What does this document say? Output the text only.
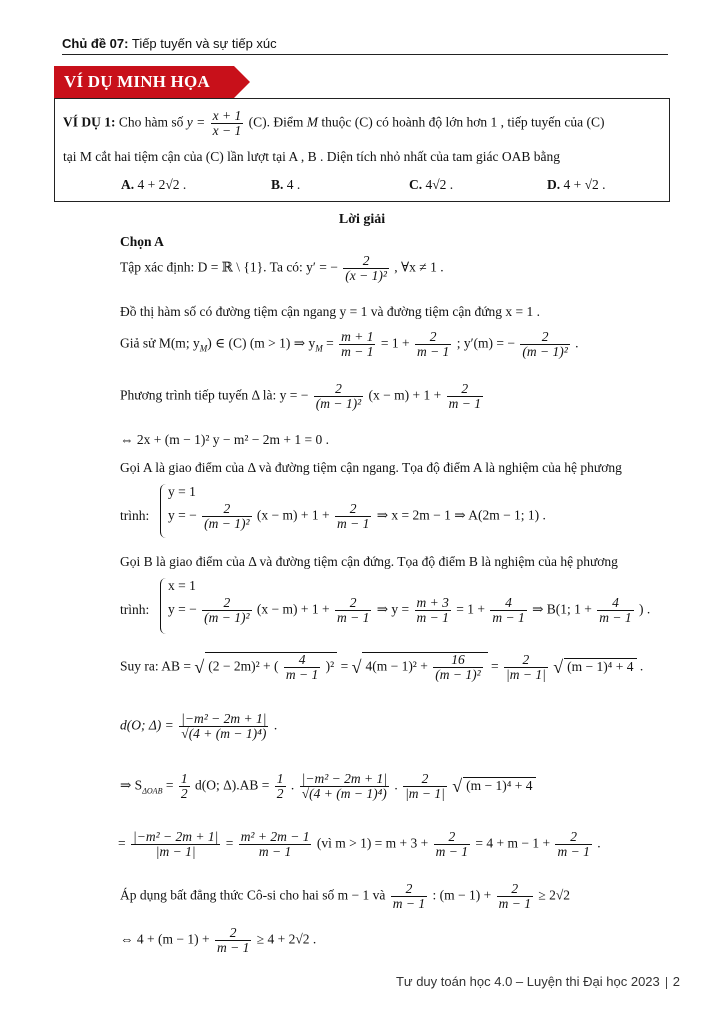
Chủ đề 07: Tiếp tuyến và sự tiếp xúc
VÍ DỤ MINH HỌA
VÍ DỤ 1: Cho hàm số $y = \frac{x + 1}{x - 1} (C)$. Điểm M thuộc (C) có hoành độ lớn hơn 1 , tiếp tuyến của (C)
tại M cắt hai tiệm cận của (C) lần lượt tại A , B . Diện tích nhỏ nhất của tam giác OAB bằng
A. 4 + 2√2 .	B. 4 .	C. 4√2 .	D. 4 + √2 .
Lời giải
Chọn A
Tập xác định: D = ℝ \ {1}. Ta có: y′ = − $\frac{2}{\text{(x − 1)²}}$ , ∀x ≠ 1 .
Đồ thị hàm số có đường tiệm cận ngang y = 1 và đường tiệm cận đứng x = 1 .
Giả sử M(m; $y_M$) ∈ (C) (m > 1) ⇒ $y_M = \frac{m + 1}{m - 1} = 1 + \frac{2}{m - 1}$ ; y′(m) = − $\frac{2}{\text{(m − 1)²}}$ .
Phương trình tiếp tuyến Δ là: y = − $\frac{2}{\text{(m − 1)²}} (x - m) + 1 + \frac{2}{m - 1}$
⇔ 2x + (m − 1)² y − m² − 2m + 1 = 0 .
Gọi A là giao điểm của Δ và đường tiệm cận ngang. Tọa độ điểm A là nghiệm của hệ phương
trình:
y = 1
y = − $\frac{2}{\text{(m − 1)²}} (x - m) + 1 + \frac{2}{m - 1}$ ⇒ x = 2m − 1 ⇒ A(2m − 1; 1) .
Gọi B là giao điểm của Δ và đường tiệm cận đứng. Tọa độ điểm B là nghiệm của hệ phương
trình:
x = 1
y = − $\frac{2}{\text{(m − 1)²}} (x - m) + 1 + \frac{2}{m - 1}$ ⇒ $y = \frac{m + 3}{m - 1} = 1 + \frac{4}{m - 1}$ ⇒ B(1; $1 + \frac{4}{m - 1}$ ) .
Suy ra: AB = √ (2 − 2m)² + ( $\frac{4}{m - 1} )^2$ = √ $4(m - 1)^2 + \frac{16}{\text{(m − 1)²}} = \frac{2}{|m - 1|}$ √ (m − 1)⁴ + 4 .
d(O; $\Delta) = \frac{\text{|−m² − 2m + 1|}}{\text{√(4 + (m − 1)⁴)}}$ .
⇒ $S_{\Delta OAB} = \frac{1}{2} d(O$; $\Delta).AB = \frac{1}{2}$ . $\frac{\text{|−m² − 2m + 1|}}{\text{√(4 + (m − 1)⁴)}}$ . $\frac{2}{|m - 1|}$ √ (m − 1)⁴ + 4
= $\frac{\text{|−m² − 2m + 1|}}{|m - 1|} = \frac{\text{m² + 2m − 1}}{m - 1}$ (vì $m > 1) = m + 3 + \frac{2}{m - 1} = 4 + m - 1 + \frac{2}{m - 1}$ .
Áp dụng bất đẳng thức Cô-si cho hai số m − 1 và $\frac{2}{m - 1}$ : $(m - 1) + \frac{2}{m - 1} \ge 2√2$
⇔ $4 + (m - 1) + \frac{2}{m - 1} \ge 4 + 2√2$ .
Tư duy toán học 4.0 – Luyện thi Đại học 2023 2
